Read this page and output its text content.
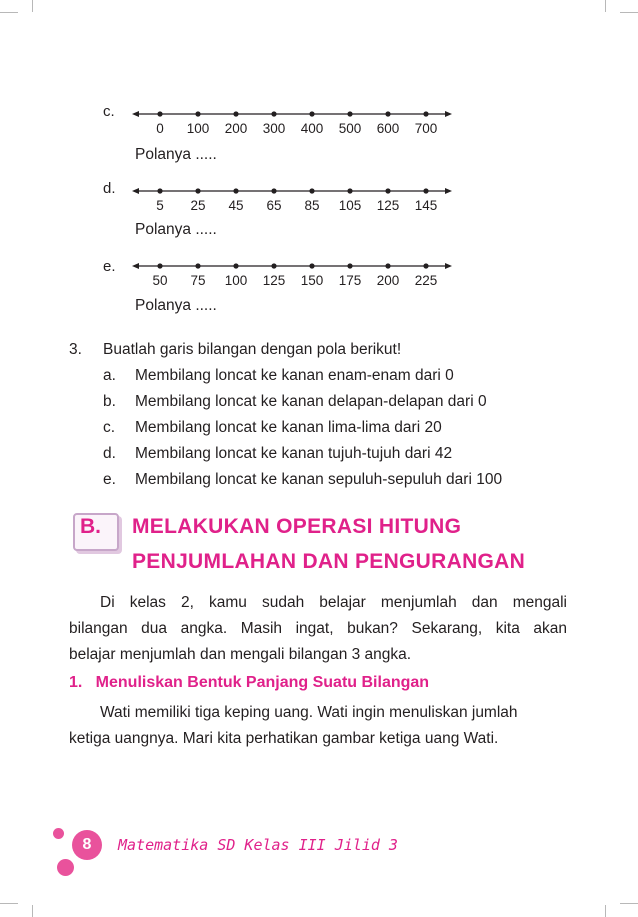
c.
0 100 200 300 400 500 600 700
Polanya .....
d.
5 25 45 65 85 105 125 145
Polanya .....
e.
50 75 100 125 150 175 200 225
Polanya .....
3. Buatlah garis bilangan dengan pola berikut!
a. Membilang loncat ke kanan enam-enam dari 0
b. Membilang loncat ke kanan delapan-delapan dari 0
c. Membilang loncat ke kanan lima-lima dari 20
d. Membilang loncat ke kanan tujuh-tujuh dari 42
e. Membilang loncat ke kanan sepuluh-sepuluh dari 100
B. MELAKUKAN OPERASI HITUNG
PENJUMLAHAN DAN PENGURANGAN
Di kelas 2, kamu sudah belajar menjumlah dan mengali
bilangan dua angka. Masih ingat, bukan? Sekarang, kita akan
belajar menjumlah dan mengali bilangan 3 angka.
1.   Menuliskan Bentuk Panjang Suatu Bilangan
Wati memiliki tiga keping uang. Wati ingin menuliskan jumlah
ketiga uangnya. Mari kita perhatikan gambar ketiga uang Wati.
8	Matematika SD Kelas III Jilid 3
